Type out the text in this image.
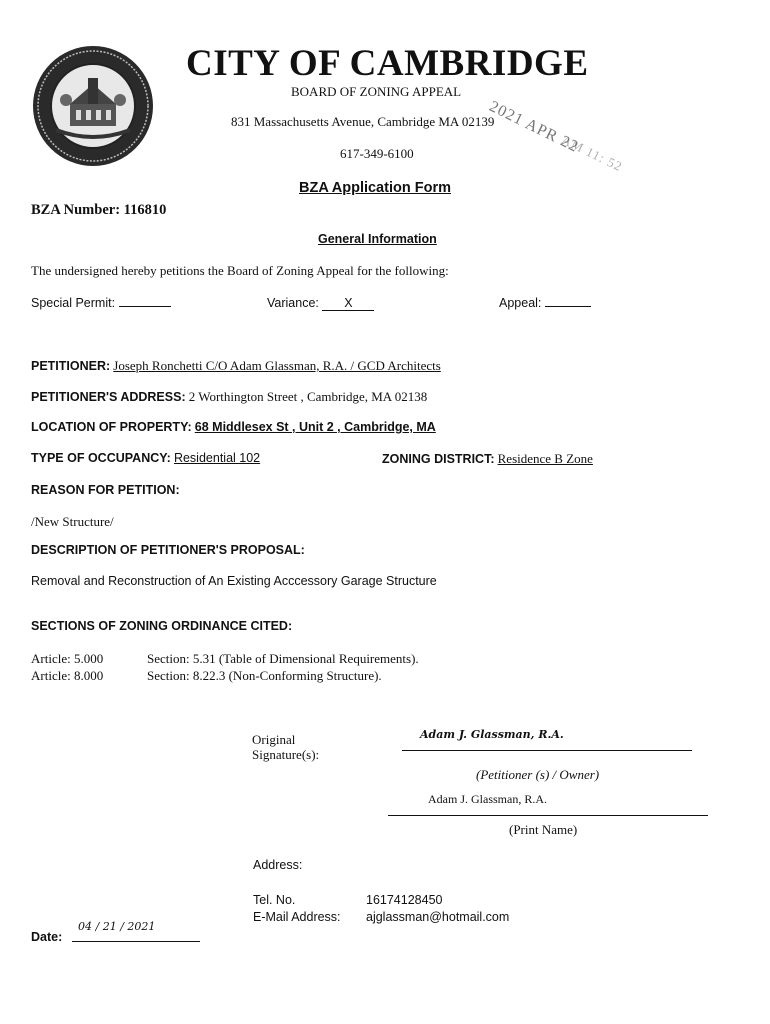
CITY OF CAMBRIDGE
BOARD OF ZONING APPEAL
831 Massachusetts Avenue, Cambridge MA 02139
617-349-6100	2021 APR 22
AM 11: 52
BZA Application Form
BZA Number: 116810
General Information
The undersigned hereby petitions the Board of Zoning Appeal for the following:
Special Permit:	Variance: X	Appeal:
PETITIONER: Joseph Ronchetti C/O Adam Glassman, R.A. / GCD Architects
PETITIONER'S ADDRESS: 2 Worthington Street , Cambridge, MA 02138
LOCATION OF PROPERTY: 68 Middlesex St , Unit 2 , Cambridge, MA
TYPE OF OCCUPANCY: Residential 102	ZONING DISTRICT: Residence B Zone
REASON FOR PETITION:
/New Structure/
DESCRIPTION OF PETITIONER'S PROPOSAL:
Removal and Reconstruction of An Existing Acccessory Garage Structure
SECTIONS OF ZONING ORDINANCE CITED:
Article: 5.000	Section: 5.31 (Table of Dimensional Requirements).
Article: 8.000	Section: 8.22.3 (Non-Conforming Structure).
Original
Signature(s):
Adam J. Glassman, R.A.
(Petitioner (s) / Owner)
Adam J. Glassman, R.A.
(Print Name)
Address:
Tel. No.	16174128450
E-Mail Address: ajglassman@hotmail.com
Date:
04 / 21 / 2021
